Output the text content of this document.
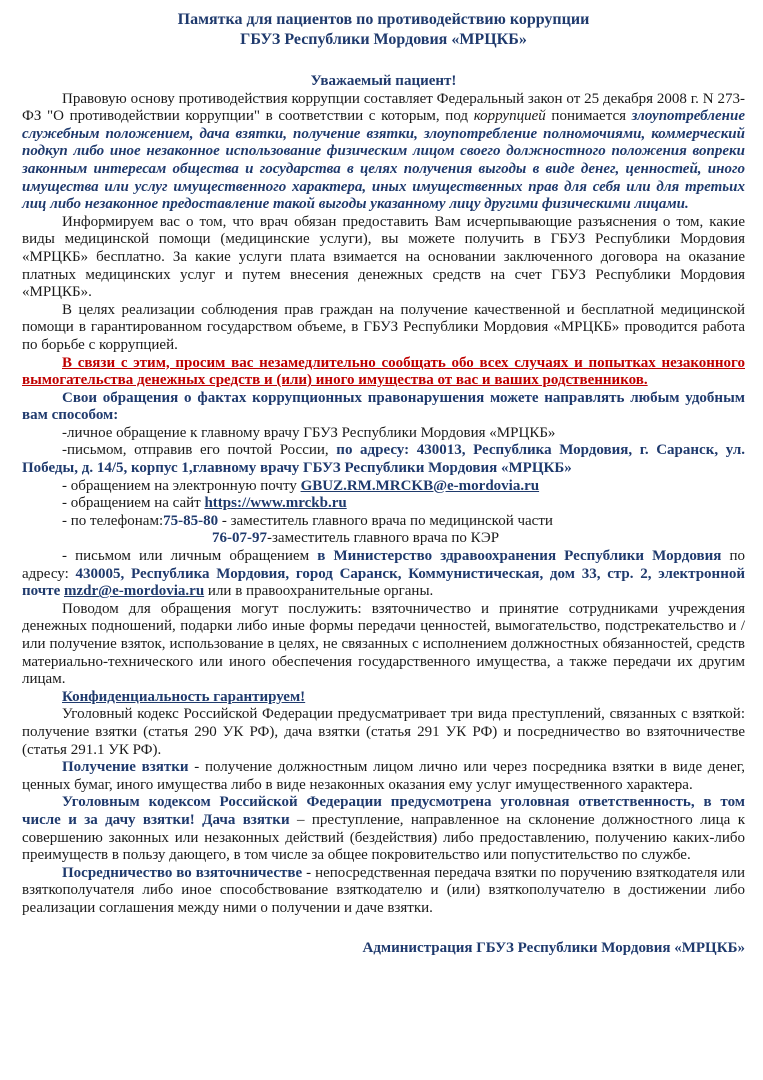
Памятка для пациентов по противодействию коррупции
ГБУЗ Республики Мордовия «МРЦКБ»
Уважаемый пациент!

Правовую основу противодействия коррупции составляет Федеральный закон от 25 декабря 2008 г. N 273-ФЗ "О противодействии коррупции" в соответствии с которым, под коррупцией понимается злоупотребление служебным положением, дача взятки, получение взятки, злоупотребление полномочиями, коммерческий подкуп либо иное незаконное использование физическим лицом своего должностного положения вопреки законным интересам общества и государства в целях получения выгоды в виде денег, ценностей, иного имущества или услуг имущественного характера, иных имущественных прав для себя или для третьих лиц либо незаконное предоставление такой выгоды указанному лицу другими физическими лицами.

Информируем вас о том, что врач обязан предоставить Вам исчерпывающие разъяснения о том, какие виды медицинской помощи (медицинские услуги), вы можете получить в ГБУЗ Республики Мордовия «МРЦКБ» бесплатно. За какие услуги плата взимается на основании заключенного договора на оказание платных медицинских услуг и путем внесения денежных средств на счет ГБУЗ Республики Мордовия «МРЦКБ».

В целях реализации соблюдения прав граждан на получение качественной и бесплатной медицинской помощи в гарантированном государством объеме, в ГБУЗ Республики Мордовия «МРЦКБ» проводится работа по борьбе с коррупцией.

В связи с этим, просим вас незамедлительно сообщать обо всех случаях и попытках незаконного вымогательства денежных средств и (или) иного имущества от вас и ваших родственников.

Свои обращения о фактах коррупционных правонарушения можете направлять любым удобным вам способом:

-личное обращение к главному врачу ГБУЗ Республики Мордовия «МРЦКБ»

-письмом, отправив его почтой России, по адресу: 430013, Республика Мордовия, г. Саранск, ул. Победы, д. 14/5, корпус 1,главному врачу ГБУЗ Республики Мордовия «МРЦКБ»

- обращением на электронную почту GBUZ.RM.MRCKB@e-mordovia.ru
- обращением на сайт https://www.mrckb.ru
- по телефонам:75-85-80 - заместитель главного врача по медицинской части
76-07-97-заместитель главного врача по КЭР

- письмом или личным обращением в Министерство здравоохранения Республики Мордовия по адресу: 430005, Республика Мордовия, город Саранск, Коммунистическая, дом 33, стр. 2, электронной почте mzdr@e-mordovia.ru или в правоохранительные органы.

Поводом для обращения могут послужить: взяточничество и принятие сотрудниками учреждения денежных подношений, подарки либо иные формы передачи ценностей, вымогательство, подстрекательство и /или получение взяток, использование в целях, не связанных с исполнением должностных обязанностей, средств материально-технического или иного обеспечения государственного имущества, а также передачи их другим лицам.

Конфиденциальность гарантируем!

Уголовный кодекс Российской Федерации предусматривает три вида преступлений, связанных с взяткой: получение взятки (статья 290 УК РФ), дача взятки (статья 291 УК РФ) и посредничество во взяточничестве (статья 291.1 УК РФ).

Получение взятки - получение должностным лицом лично или через посредника взятки в виде денег, ценных бумаг, иного имущества либо в виде незаконных оказания ему услуг имущественного характера.

Уголовным кодексом Российской Федерации предусмотрена уголовная ответственность, в том числе и за дачу взятки! Дача взятки – преступление, направленное на склонение должностного лица к совершению законных или незаконных действий (бездействия) либо предоставлению, получению каких-либо преимуществ в пользу дающего, в том числе за общее покровительство или попустительство по службе.

Посредничество во взяточничестве - непосредственная передача взятки по поручению взяткодателя или взяткополучателя либо иное способствование взяткодателю и (или) взяткополучателю в достижении либо реализации соглашения между ними о получении и даче взятки.

Администрация ГБУЗ Республики Мордовия «МРЦКБ»
